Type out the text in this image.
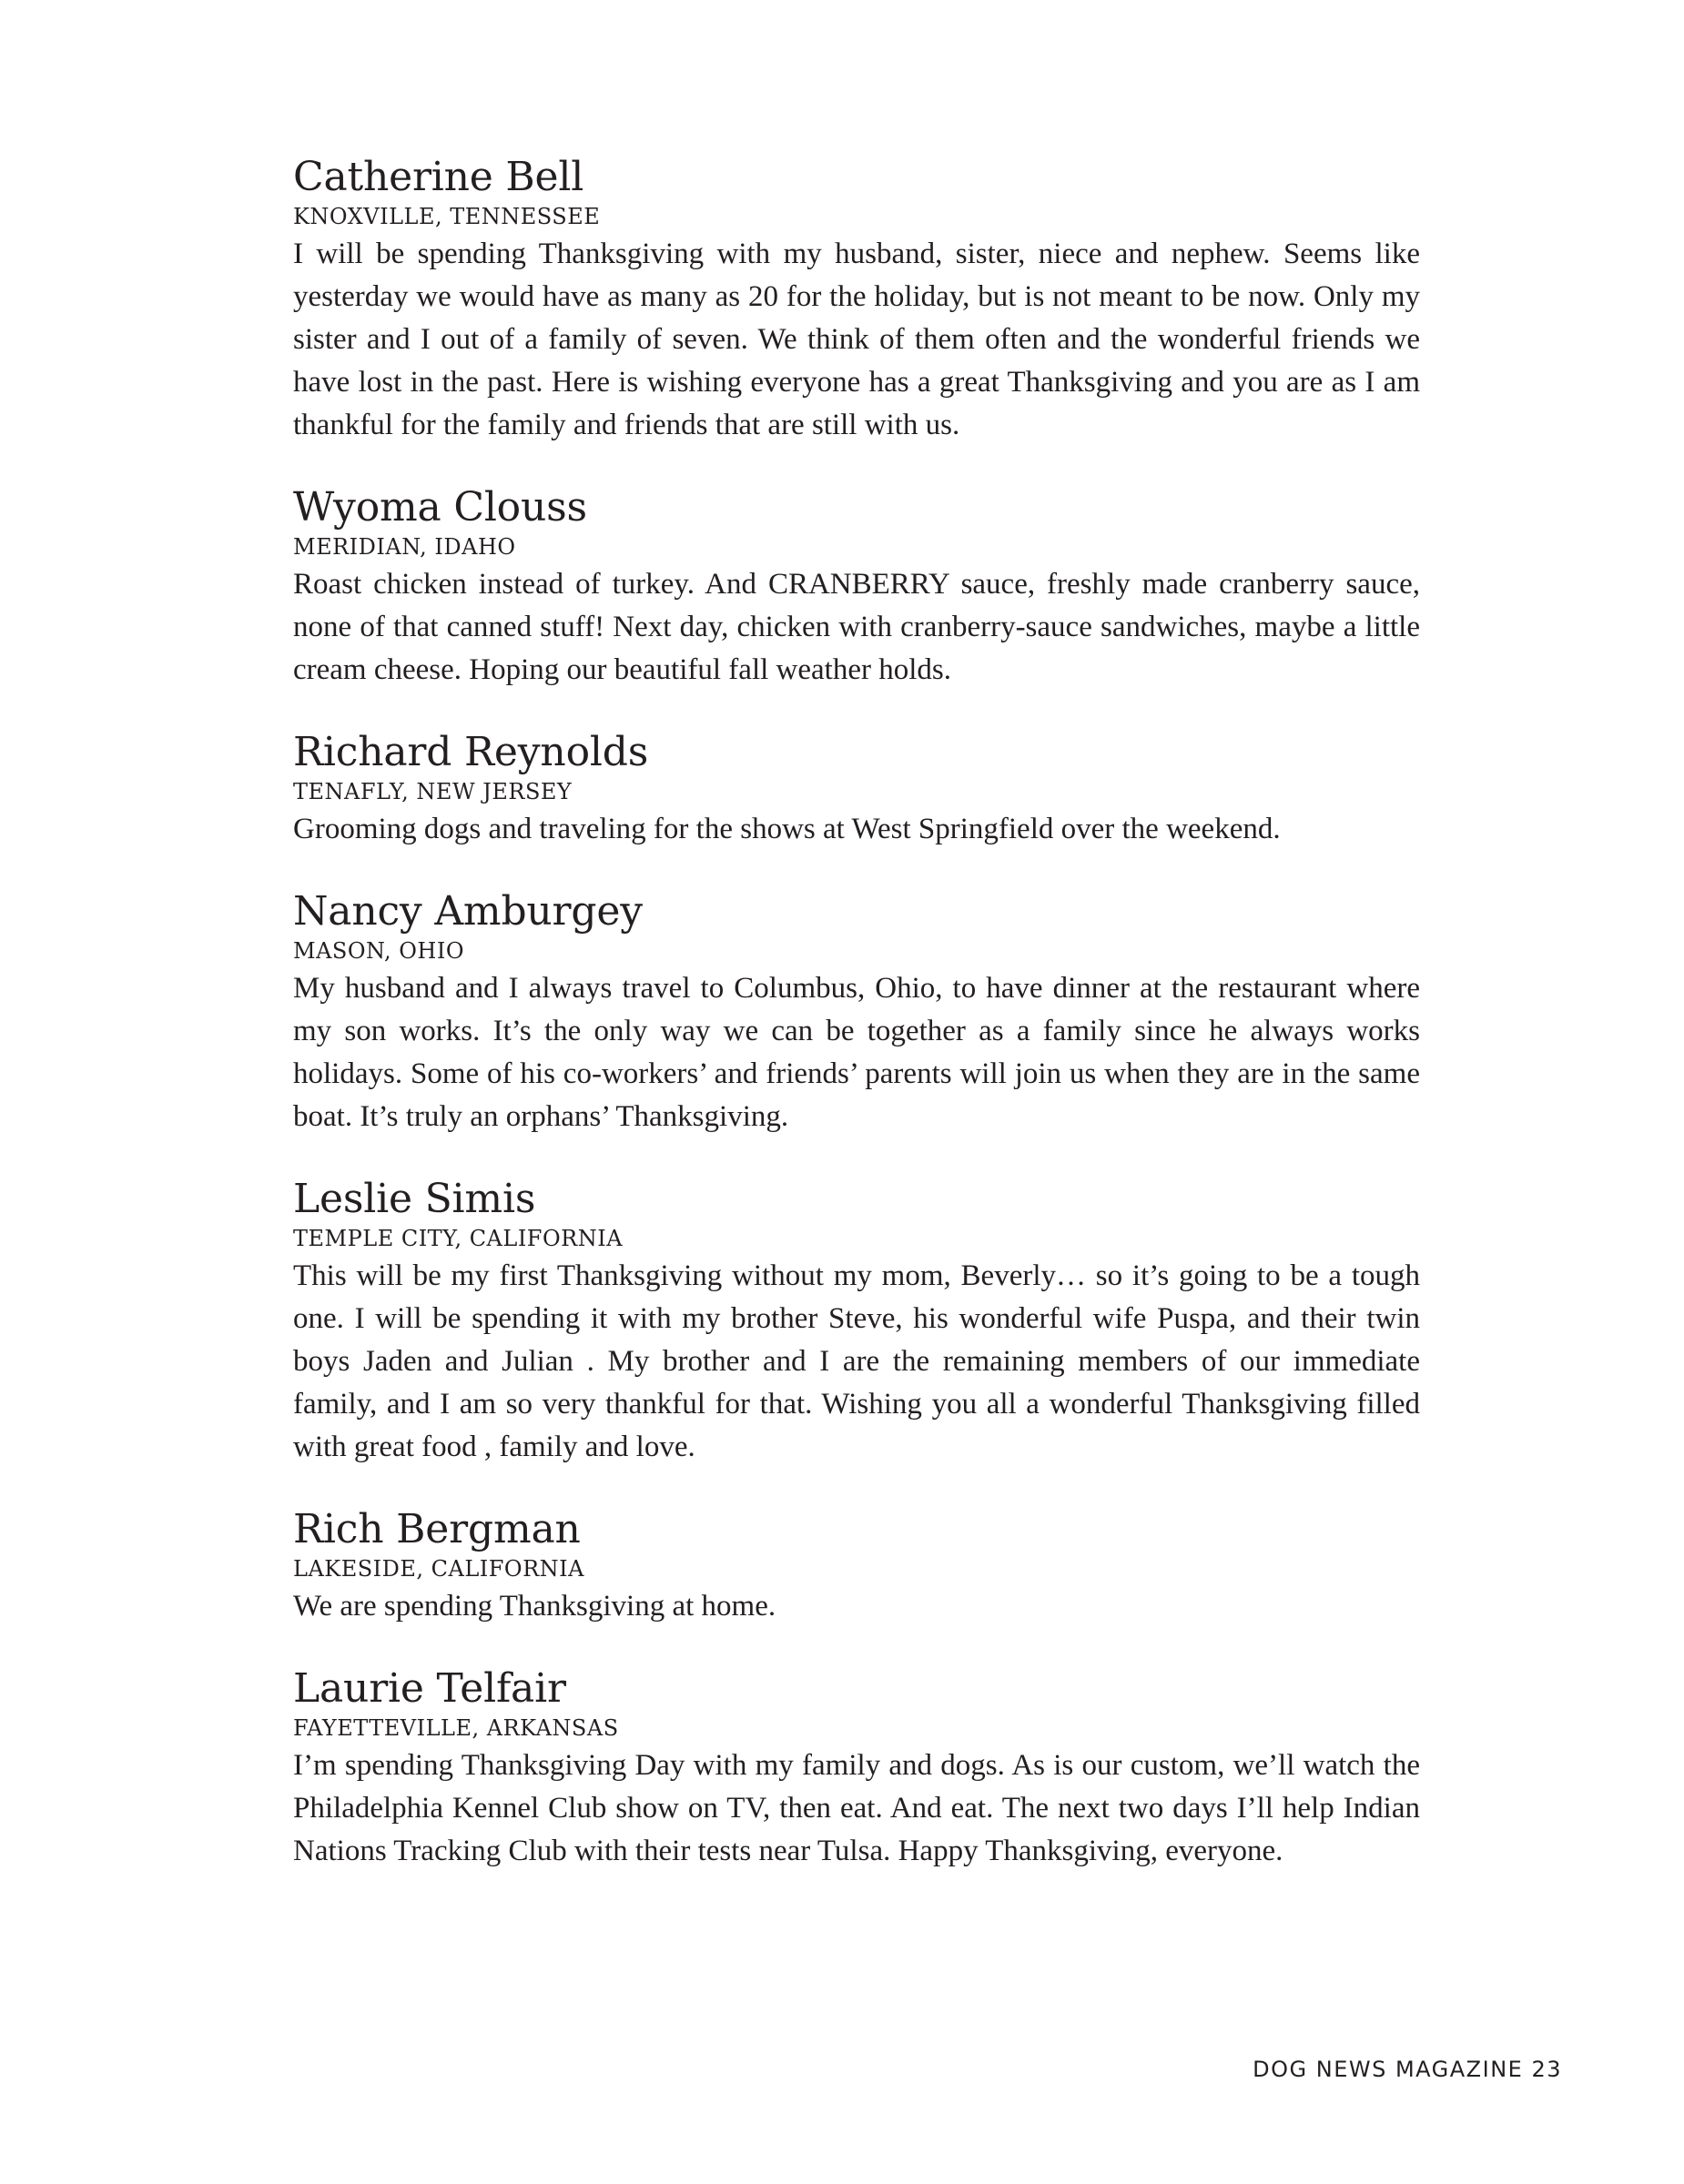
Catherine Bell
KNOXVILLE, TENNESSEE

I will be spending Thanksgiving with my husband, sister, niece and nephew. Seems like yesterday we would have as many as 20 for the holiday, but is not meant to be now. Only my sister and I out of a family of seven. We think of them often and the wonderful friends we have lost in the past. Here is wishing everyone has a great Thanksgiving and you are as I am thankful for the family and friends that are still with us.

Wyoma Clouss
MERIDIAN, IDAHO

Roast chicken instead of turkey. And CRANBERRY sauce, freshly made cranberry sauce, none of that canned stuff! Next day, chicken with cranberry-sauce sandwiches, maybe a little cream cheese. Hoping our beautiful fall weather holds.

Richard Reynolds
TENAFLY, NEW JERSEY

Grooming dogs and traveling for the shows at West Springfield over the weekend.

Nancy Amburgey
MASON, OHIO

My husband and I always travel to Columbus, Ohio, to have dinner at the restaurant where my son works. It’s the only way we can be together as a family since he always works holidays. Some of his co-workers’ and friends’ parents will join us when they are in the same boat. It’s truly an orphans’ Thanksgiving.

Leslie Simis
TEMPLE CITY, CALIFORNIA

This will be my first Thanksgiving without my mom, Beverly… so it’s going to be a tough one. I will be spending it with my brother Steve, his wonderful wife Puspa, and their twin boys Jaden and Julian . My brother and I are the remaining members of our immediate family, and I am so very thankful for that. Wishing you all a wonderful Thanksgiving filled with great food , family and love.

Rich Bergman
LAKESIDE, CALIFORNIA

We are spending Thanksgiving at home.

Laurie Telfair
FAYETTEVILLE, ARKANSAS

I’m spending Thanksgiving Day with my family and dogs. As is our custom, we’ll watch the Philadelphia Kennel Club show on TV, then eat. And eat. The next two days I’ll help Indian Nations Tracking Club with their tests near Tulsa. Happy Thanksgiving, everyone.

DOG NEWS MAGAZINE 23
